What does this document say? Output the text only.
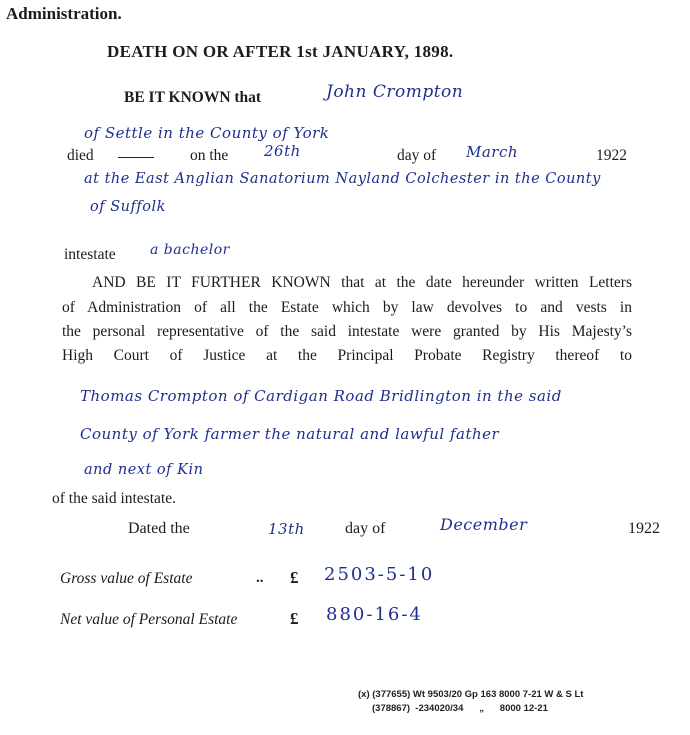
Administration.
DEATH ON OR AFTER 1st JANUARY, 1898.
BE IT KNOWN that	John Crompton
of Settle in the County of York
died	on the 26th	day of March	1922
at the East Anglian Sanatorium Nayland Colchester in the County
of Suffolk
intestate a bachelor
AND BE IT FURTHER KNOWN that at the date hereunder written Letters
of Administration of all the Estate which by law devolves to and vests in
the personal representative of the said intestate were granted by His Majesty’s
High Court of Justice at the Principal Probate Registry thereof to
Thomas Crompton of Cardigan Road Bridlington in the said
County of York farmer the natural and lawful father
and next of Kin
of the said intestate.
Dated the	13th	day of	December	1922
Gross value of Estate	.. £ 2503-5-10
Net value of Personal Estate	£ 880-16-4
(x) (377655) Wt 9503/20 Gp 163 8000 7-21 W & S Lt
(378867)  -234020/34      „      8000 12-21
